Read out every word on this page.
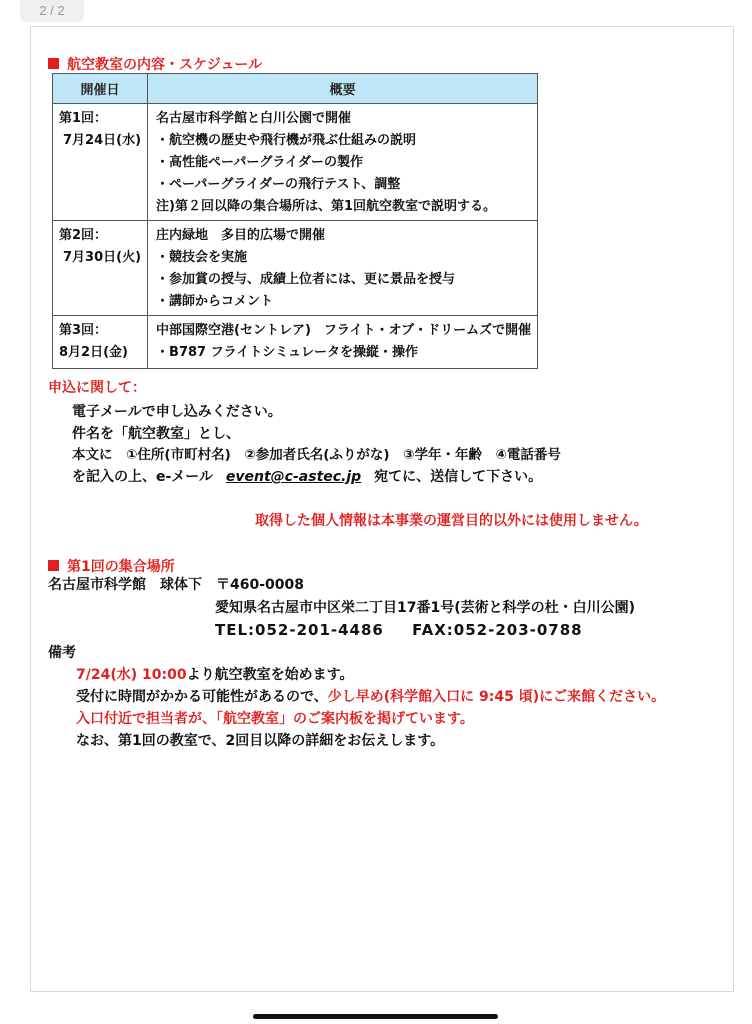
2 / 2
航空教室の内容・スケジュール
開催日	概要

第1回：
7月24日(水)	名古屋市科学館と白川公園で開催
・航空機の歴史や飛行機が飛ぶ仕組みの説明
・高性能ペーパーグライダーの製作
・ペーパーグライダーの飛行テスト、調整
注)第２回以降の集合場所は、第1回航空教室で説明する。

第2回：
7月30日(火)	庄内緑地　多目的広場で開催
・競技会を実施
・参加賞の授与、成績上位者には、更に景品を授与
・講師からコメント

第3回：
8月2日(金)	中部国際空港(セントレア)　フライト・オブ・ドリームズで開催
・B787 フライトシミュレータを操縦・操作
申込に関して：
電子メールで申し込みください。
件名を「航空教室」とし、
本文に　①住所(市町村名)　②参加者氏名(ふりがな)　③学年・年齢　④電話番号
を記入の上、e-メール event@c-astec.jp 宛てに、送信して下さい。
取得した個人情報は本事業の運営目的以外には使用しません。
第1回の集合場所
名古屋市科学館　球体下　〒460-0008
愛知県名古屋市中区栄二丁目17番1号(芸術と科学の杜・白川公園)
TEL:052-201-4486 FAX:052-203-0788
備考
7/24(水) 10:00より航空教室を始めます。
受付に時間がかかる可能性があるので、少し早め(科学館入口に 9:45 頃)にご来館ください。
入口付近で担当者が、「航空教室」のご案内板を掲げています。
なお、第1回の教室で、2回目以降の詳細をお伝えします。
